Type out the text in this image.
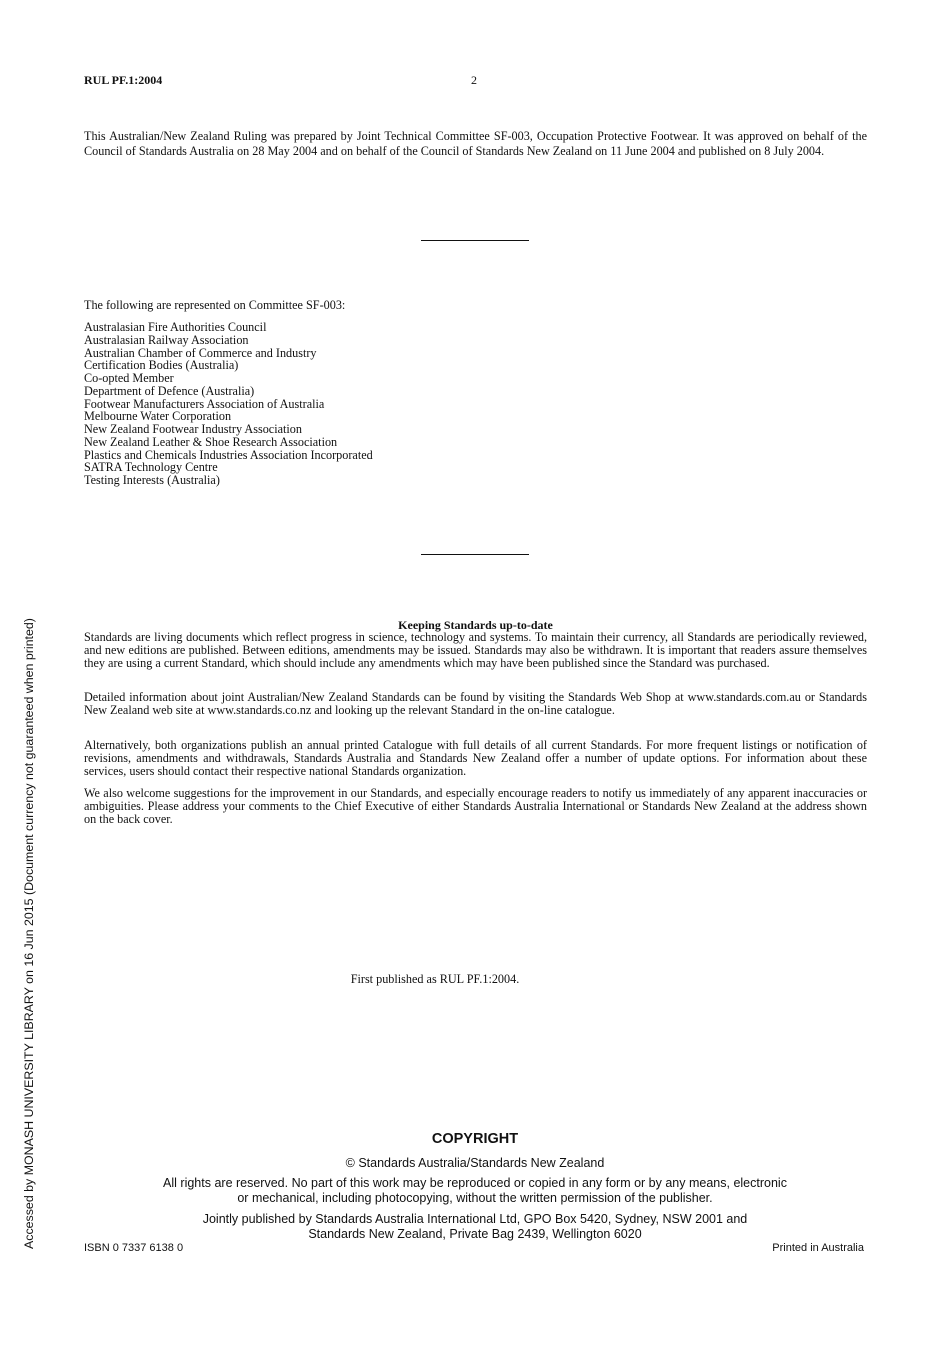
RUL PF.1:2004	2
This Australian/New Zealand Ruling was prepared by Joint Technical Committee SF-003, Occupation Protective Footwear. It was approved on behalf of the Council of Standards Australia on 28 May 2004 and on behalf of the Council of Standards New Zealand on 11 June 2004 and published on 8 July 2004.
The following are represented on Committee SF-003:
Australasian Fire Authorities Council
Australasian Railway Association
Australian Chamber of Commerce and Industry
Certification Bodies (Australia)
Co-opted Member
Department of Defence (Australia)
Footwear Manufacturers Association of Australia
Melbourne Water Corporation
New Zealand Footwear Industry Association
New Zealand Leather & Shoe Research Association
Plastics and Chemicals Industries Association Incorporated
SATRA Technology Centre
Testing Interests (Australia)
Keeping Standards up-to-date
Standards are living documents which reflect progress in science, technology and systems. To maintain their currency, all Standards are periodically reviewed, and new editions are published. Between editions, amendments may be issued. Standards may also be withdrawn. It is important that readers assure themselves they are using a current Standard, which should include any amendments which may have been published since the Standard was purchased.
Detailed information about joint Australian/New Zealand Standards can be found by visiting the Standards Web Shop at www.standards.com.au or Standards New Zealand web site at www.standards.co.nz and looking up the relevant Standard in the on-line catalogue.
Alternatively, both organizations publish an annual printed Catalogue with full details of all current Standards. For more frequent listings or notification of revisions, amendments and withdrawals, Standards Australia and Standards New Zealand offer a number of update options. For information about these services, users should contact their respective national Standards organization.
We also welcome suggestions for the improvement in our Standards, and especially encourage readers to notify us immediately of any apparent inaccuracies or ambiguities. Please address your comments to the Chief Executive of either Standards Australia International or Standards New Zealand at the address shown on the back cover.
First published as RUL PF.1:2004.
COPYRIGHT
© Standards Australia/Standards New Zealand
All rights are reserved. No part of this work may be reproduced or copied in any form or by any means, electronic
or mechanical, including photocopying, without the written permission of the publisher.
Jointly published by Standards Australia International Ltd, GPO Box 5420, Sydney, NSW 2001 and
Standards New Zealand, Private Bag 2439, Wellington 6020
ISBN 0 7337 6138 0	Printed in Australia
Accessed by MONASH UNIVERSITY LIBRARY on 16 Jun 2015 (Document currency not guaranteed when printed)
